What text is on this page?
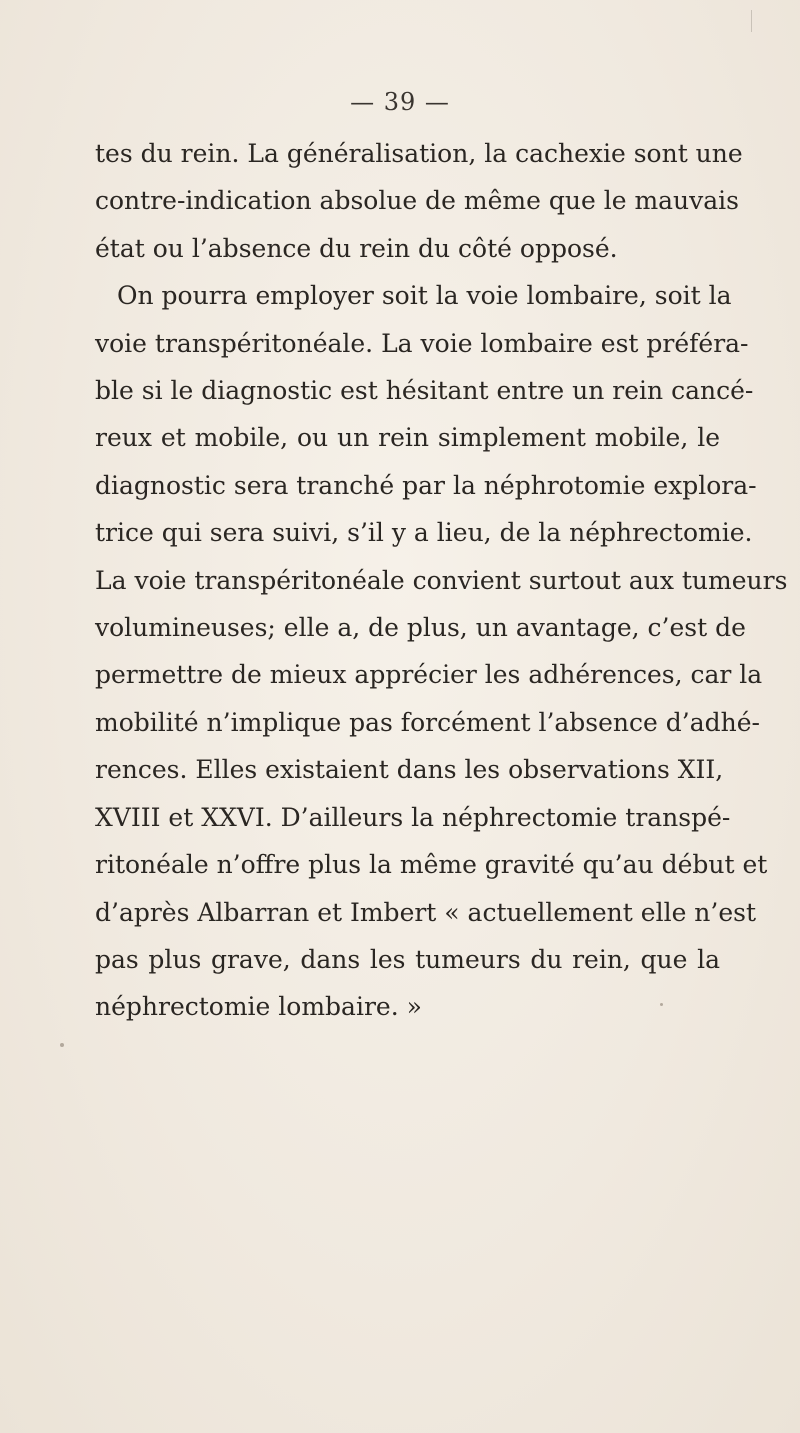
— 39 —
tes du rein. La généralisation, la cachexie sont une
contre-indication absolue de même que le mauvais
état ou l’absence du rein du côté opposé.
On pourra employer soit la voie lombaire, soit la
voie transpéritonéale. La voie lombaire est préféra-
ble si le diagnostic est hésitant entre un rein cancé-
reux et mobile, ou un rein simplement mobile, le
diagnostic sera tranché par la néphrotomie explora-
trice qui sera suivi, s’il y a lieu, de la néphrectomie.
La voie transpéritonéale convient surtout aux tumeurs
volumineuses; elle a, de plus, un avantage, c’est de
permettre de mieux apprécier les adhérences, car la
mobilité n’implique pas forcément l’absence d’adhé-
rences. Elles existaient dans les observations XII,
XVIII et XXVI. D’ailleurs la néphrectomie transpé-
ritonéale n’offre plus la même gravité qu’au début et
d’après Albarran et Imbert « actuellement elle n’est
pas plus grave, dans les tumeurs du rein, que la
néphrectomie lombaire. »
